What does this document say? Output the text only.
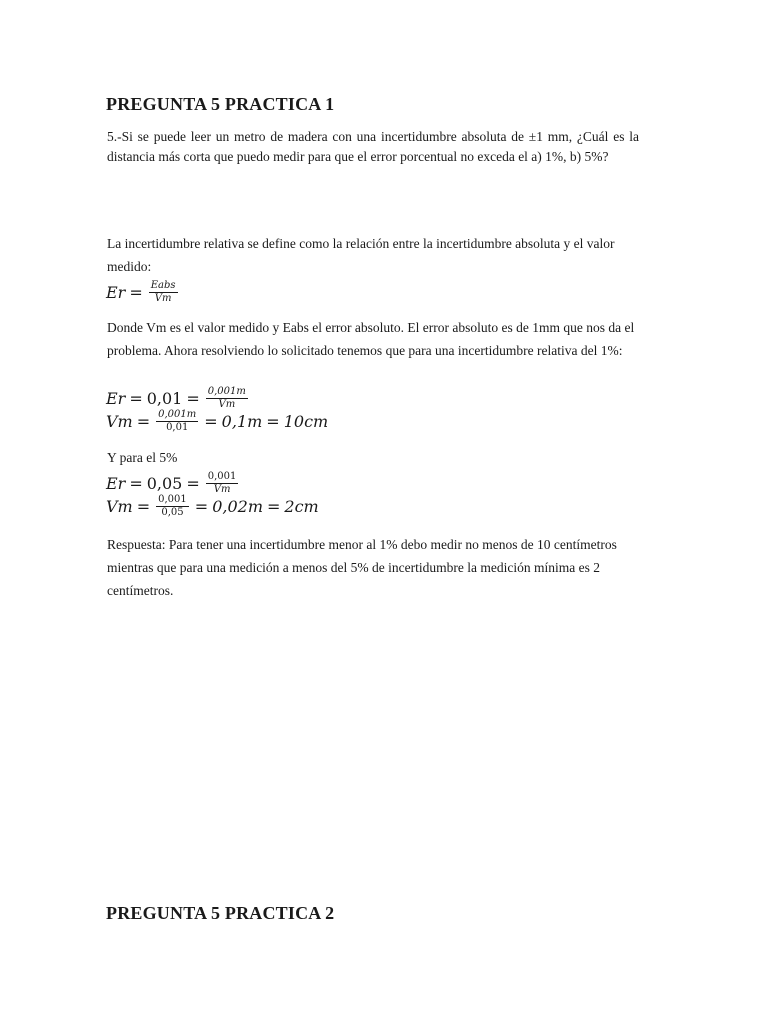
PREGUNTA 5 PRACTICA 1

5.-Si se puede leer un metro de madera con una incertidumbre absoluta de ±1 mm, ¿Cuál es la distancia más corta que puedo medir para que el error porcentual no exceda el a) 1%, b) 5%?

La incertidumbre relativa se define como la relación entre la incertidumbre absoluta y el valor medido:

$Er = \frac{\text{Eabs}}{Vm}$

Donde Vm es el valor medido y Eabs el error absoluto. El error absoluto es de 1mm que nos da el problema. Ahora resolviendo lo solicitado tenemos que para una incertidumbre relativa del 1%:

$Er = 0,01 = \frac{0,001m}{Vm}$
$Vm = \frac{0,001m}{0,01} = 0,1m = 10cm$

Y para el 5%

$Er = 0,05 = \frac{0,001}{Vm}$
$Vm = \frac{0,001}{0,05} = 0,02m = 2cm$

Respuesta: Para tener una incertidumbre menor al 1% debo medir no menos de 10 centímetros mientras que para una medición a menos del 5% de incertidumbre la medición mínima es 2 centímetros.

PREGUNTA 5 PRACTICA 2
